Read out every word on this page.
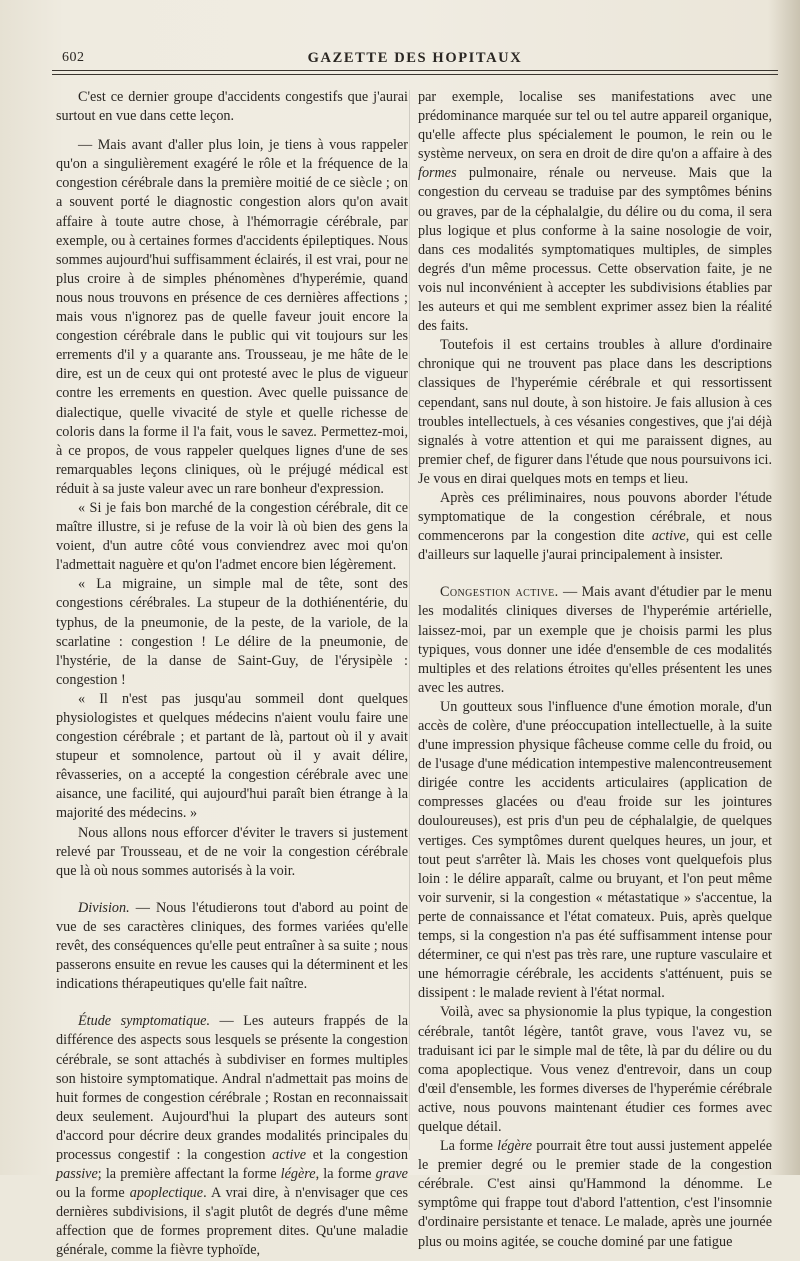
602	GAZETTE DES HOPITAUX

C'est ce dernier groupe d'accidents congestifs que j'aurai surtout en vue dans cette leçon.

— Mais avant d'aller plus loin, je tiens à vous rappeler qu'on a singulièrement exagéré le rôle et la fréquence de la congestion cérébrale dans la première moitié de ce siècle ; on a souvent porté le diagnostic congestion alors qu'on avait affaire à toute autre chose, à l'hémorragie cérébrale, par exemple, ou à certaines formes d'accidents épileptiques. Nous sommes aujourd'hui suffisamment éclairés, il est vrai, pour ne plus croire à de simples phénomènes d'hyperémie, quand nous nous trouvons en présence de ces dernières affections ; mais vous n'ignorez pas de quelle faveur jouit encore la congestion cérébrale dans le public qui vit toujours sur les errements d'il y a quarante ans. Trousseau, je me hâte de le dire, est un de ceux qui ont protesté avec le plus de vigueur contre les errements en question. Avec quelle puissance de dialectique, quelle vivacité de style et quelle richesse de coloris dans la forme il l'a fait, vous le savez. Permettez-moi, à ce propos, de vous rappeler quelques lignes d'une de ses remarquables leçons cliniques, où le préjugé médical est réduit à sa juste valeur avec un rare bonheur d'expression.

« Si je fais bon marché de la congestion cérébrale, dit ce maître illustre, si je refuse de la voir là où bien des gens la voient, d'un autre côté vous conviendrez avec moi qu'on l'admettait naguère et qu'on l'admet encore bien légèrement.

« La migraine, un simple mal de tête, sont des congestions cérébrales. La stupeur de la dothiénentérie, du typhus, de la pneumonie, de la peste, de la variole, de la scarlatine : congestion ! Le délire de la pneumonie, de l'hystérie, de la danse de Saint-Guy, de l'érysipèle : congestion !

« Il n'est pas jusqu'au sommeil dont quelques physiologistes et quelques médecins n'aient voulu faire une congestion cérébrale ; et partant de là, partout où il y avait stupeur et somnolence, partout où il y avait délire, rêvasseries, on a accepté la congestion cérébrale avec une aisance, une facilité, qui aujourd'hui paraît bien étrange à la majorité des médecins. »

Nous allons nous efforcer d'éviter le travers si justement relevé par Trousseau, et de ne voir la congestion cérébrale que là où nous sommes autorisés à la voir.

Division. — Nous l'étudierons tout d'abord au point de vue de ses caractères cliniques, des formes variées qu'elle revêt, des conséquences qu'elle peut entraîner à sa suite ; nous passerons ensuite en revue les causes qui la déterminent et les indications thérapeutiques qu'elle fait naître.

Étude symptomatique. — Les auteurs frappés de la différence des aspects sous lesquels se présente la congestion cérébrale, se sont attachés à subdiviser en formes multiples son histoire symptomatique. Andral n'admettait pas moins de huit formes de congestion cérébrale ; Rostan en reconnaissait deux seulement. Aujourd'hui la plupart des auteurs sont d'accord pour décrire deux grandes modalités principales du processus congestif : la congestion active et la congestion passive; la première affectant la forme légère, la forme grave ou la forme apoplectique. A vrai dire, à n'envisager que ces dernières subdivisions, il s'agit plutôt de degrés d'une même affection que de formes proprement dites. Qu'une maladie générale, comme la fièvre typhoïde,

par exemple, localise ses manifestations avec une prédominance marquée sur tel ou tel autre appareil organique, qu'elle affecte plus spécialement le poumon, le rein ou le système nerveux, on sera en droit de dire qu'on a affaire à des formes pulmonaire, rénale ou nerveuse. Mais que la congestion du cerveau se traduise par des symptômes bénins ou graves, par de la céphalalgie, du délire ou du coma, il sera plus logique et plus conforme à la saine nosologie de voir, dans ces modalités symptomatiques multiples, de simples degrés d'un même processus. Cette observation faite, je ne vois nul inconvénient à accepter les subdivisions établies par les auteurs et qui me semblent exprimer assez bien la réalité des faits.

Toutefois il est certains troubles à allure d'ordinaire chronique qui ne trouvent pas place dans les descriptions classiques de l'hyperémie cérébrale et qui ressortissent cependant, sans nul doute, à son histoire. Je fais allusion à ces troubles intellectuels, à ces vésanies congestives, que j'ai déjà signalés à votre attention et qui me paraissent dignes, au premier chef, de figurer dans l'étude que nous poursuivons ici. Je vous en dirai quelques mots en temps et lieu.

Après ces préliminaires, nous pouvons aborder l'étude symptomatique de la congestion cérébrale, et nous commencerons par la congestion dite active, qui est celle d'ailleurs sur laquelle j'aurai principalement à insister.

Congestion active. — Mais avant d'étudier par le menu les modalités cliniques diverses de l'hyperémie artérielle, laissez-moi, par un exemple que je choisis parmi les plus typiques, vous donner une idée d'ensemble de ces modalités multiples et des relations étroites qu'elles présentent les unes avec les autres.

Un goutteux sous l'influence d'une émotion morale, d'un accès de colère, d'une préoccupation intellectuelle, à la suite d'une impression physique fâcheuse comme celle du froid, ou de l'usage d'une médication intempestive malencontreusement dirigée contre les accidents articulaires (application de compresses glacées ou d'eau froide sur les jointures douloureuses), est pris d'un peu de céphalalgie, de quelques vertiges. Ces symptômes durent quelques heures, un jour, et tout peut s'arrêter là. Mais les choses vont quelquefois plus loin : le délire apparaît, calme ou bruyant, et l'on peut même voir survenir, si la congestion « métastatique » s'accentue, la perte de connaissance et l'état comateux. Puis, après quelque temps, si la congestion n'a pas été suffisamment intense pour déterminer, ce qui n'est pas très rare, une rupture vasculaire et une hémorragie cérébrale, les accidents s'atténuent, puis se dissipent : le malade revient à l'état normal.

Voilà, avec sa physionomie la plus typique, la congestion cérébrale, tantôt légère, tantôt grave, vous l'avez vu, se traduisant ici par le simple mal de tête, là par du délire ou du coma apoplectique. Vous venez d'entrevoir, dans un coup d'œil d'ensemble, les formes diverses de l'hyperémie cérébrale active, nous pouvons maintenant étudier ces formes avec quelque détail.

La forme légère pourrait être tout aussi justement appelée le premier degré ou le premier stade de la congestion cérébrale. C'est ainsi qu'Hammond la dénomme. Le symptôme qui frappe tout d'abord l'attention, c'est l'insomnie d'ordinaire persistante et tenace. Le malade, après une journée plus ou moins agitée, se couche dominé par une fatigue
